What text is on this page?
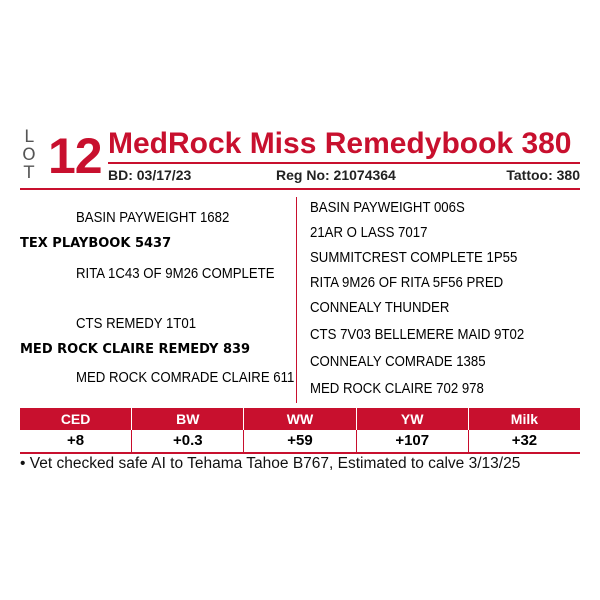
L
O
T 12 MedRock Miss Remedybook 380
BD: 03/17/23	Reg No: 21074364	Tattoo: 380
BASIN PAYWEIGHT 1682
TEX PLAYBOOK 5437
RITA 1C43 OF 9M26 COMPLETE
CTS REMEDY 1T01
MED ROCK CLAIRE REMEDY 839
MED ROCK COMRADE CLAIRE 611
BASIN PAYWEIGHT 006S
21AR O LASS 7017
SUMMITCREST COMPLETE 1P55
RITA 9M26 OF RITA 5F56 PRED
CONNEALY THUNDER
CTS 7V03 BELLEMERE MAID 9T02
CONNEALY COMRADE 1385
MED ROCK CLAIRE 702 978
CED	BW	WW	YW	Milk
+8	+0.3	+59	+107	+32
• Vet checked safe AI to Tehama Tahoe B767, Estimated to calve 3/13/25
